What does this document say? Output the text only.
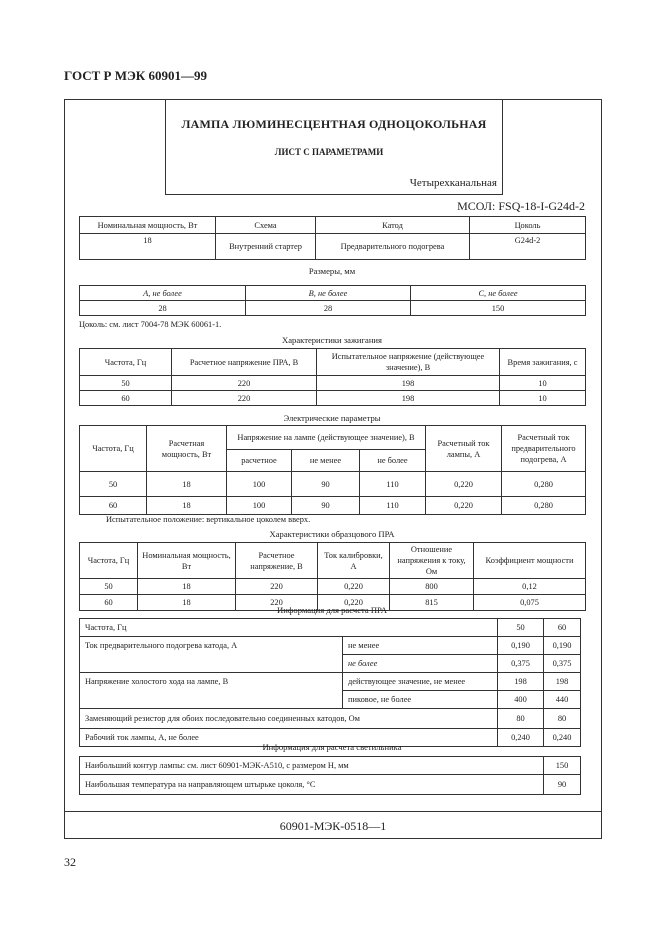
ГОСТ Р МЭК 60901—99
ЛАМПА ЛЮМИНЕСЦЕНТНАЯ ОДНОЦОКОЛЬНАЯ
ЛИСТ С ПАРАМЕТРАМИ
Четырехканальная
МСОЛ: FSQ-18-I-G24d-2
Номинальная мощность, Вт	Схема	Катод	Цоколь
18	Внутренний стартер	Предварительного подогрева	G24d-2
Размеры, мм
A, не более	B, не более	C, не более
28	28	150
Цоколь: см. лист 7004-78 МЭК 60061-1.
Характеристики зажигания
Частота, Гц	Расчетное напряжение ПРА, В	Испытательное напряжение (действующее значение), В	Время зажигания, с
50	220	198	10
60	220	198	10
Электрические параметры
Частота, Гц	Расчетная мощность, Вт	Напряжение на лампе (действующее значение), В			Расчетный ток лампы, А	Расчетный ток предварительного подогрева, А
		расчетное	не менее	не более		
50	18	100	90	110	0,220	0,280
60	18	100	90	110	0,220	0,280
Испытательное положение: вертикальное цоколем вверх.
Характеристики образцового ПРА
Частота, Гц	Номинальная мощность, Вт	Расчетное напряжение, В	Ток калибровки, А	Отношение напряжения к току, Ом	Коэффициент мощности
50	18	220	0,220	800	0,12
60	18	220	0,220	815	0,075
Информация для расчета ПРА
Частота, Гц		50	60
Ток предварительного подогрева катода, А	не менее	0,190	0,190
	не более	0,375	0,375
Напряжение холостого хода на лампе, В	действующее значение, не менее	198	198
	пиковое, не более	400	440
Заменяющий резистор для обоих последовательно соединенных катодов, Ом		80	80
Рабочий ток лампы, А, не более		0,240	0,240
Информация для расчета светильника
Наибольший контур лампы: см. лист 60901-МЭК-А510, с размером H, мм	150
Наибольшая температура на направляющем штырьке цоколя, °С	90
60901-МЭК-0518—1
32
